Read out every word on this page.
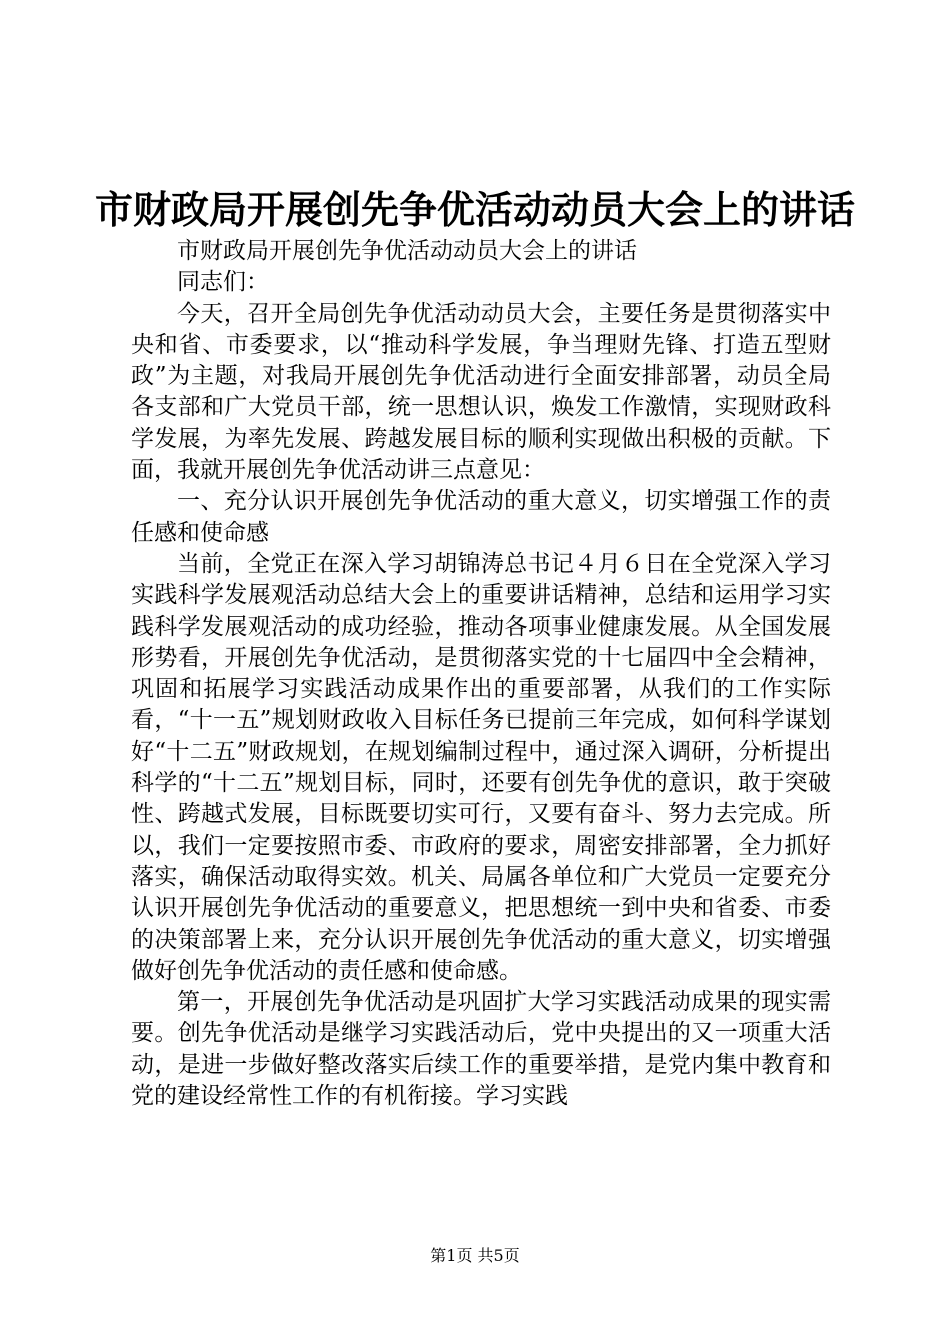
市财政局开展创先争优活动动员大会上的讲话

市财政局开展创先争优活动动员大会上的讲话

同志们：

今天，召开全局创先争优活动动员大会，主要任务是贯彻落实中央和省、市委要求，以“推动科学发展，争当理财先锋、打造五型财政”为主题，对我局开展创先争优活动进行全面安排部署，动员全局各支部和广大党员干部，统一思想认识，焕发工作激情，实现财政科学发展，为率先发展、跨越发展目标的顺利实现做出积极的贡献。下面，我就开展创先争优活动讲三点意见：

一、充分认识开展创先争优活动的重大意义，切实增强工作的责任感和使命感

当前，全党正在深入学习胡锦涛总书记４月６日在全党深入学习实践科学发展观活动总结大会上的重要讲话精神，总结和运用学习实践科学发展观活动的成功经验，推动各项事业健康发展。从全国发展形势看，开展创先争优活动，是贯彻落实党的十七届四中全会精神，巩固和拓展学习实践活动成果作出的重要部署，从我们的工作实际看，“十一五”规划财政收入目标任务已提前三年完成，如何科学谋划好“十二五”财政规划，在规划编制过程中，通过深入调研，分析提出科学的“十二五”规划目标，同时，还要有创先争优的意识，敢于突破性、跨越式发展，目标既要切实可行，又要有奋斗、努力去完成。所以，我们一定要按照市委、市政府的要求，周密安排部署，全力抓好落实，确保活动取得实效。机关、局属各单位和广大党员一定要充分认识开展创先争优活动的重要意义，把思想统一到中央和省委、市委的决策部署上来，充分认识开展创先争优活动的重大意义，切实增强做好创先争优活动的责任感和使命感。

第一，开展创先争优活动是巩固扩大学习实践活动成果的现实需要。创先争优活动是继学习实践活动后，党中央提出的又一项重大活动，是进一步做好整改落实后续工作的重要举措，是党内集中教育和党的建设经常性工作的有机衔接。学习实践

第1页 共5页
